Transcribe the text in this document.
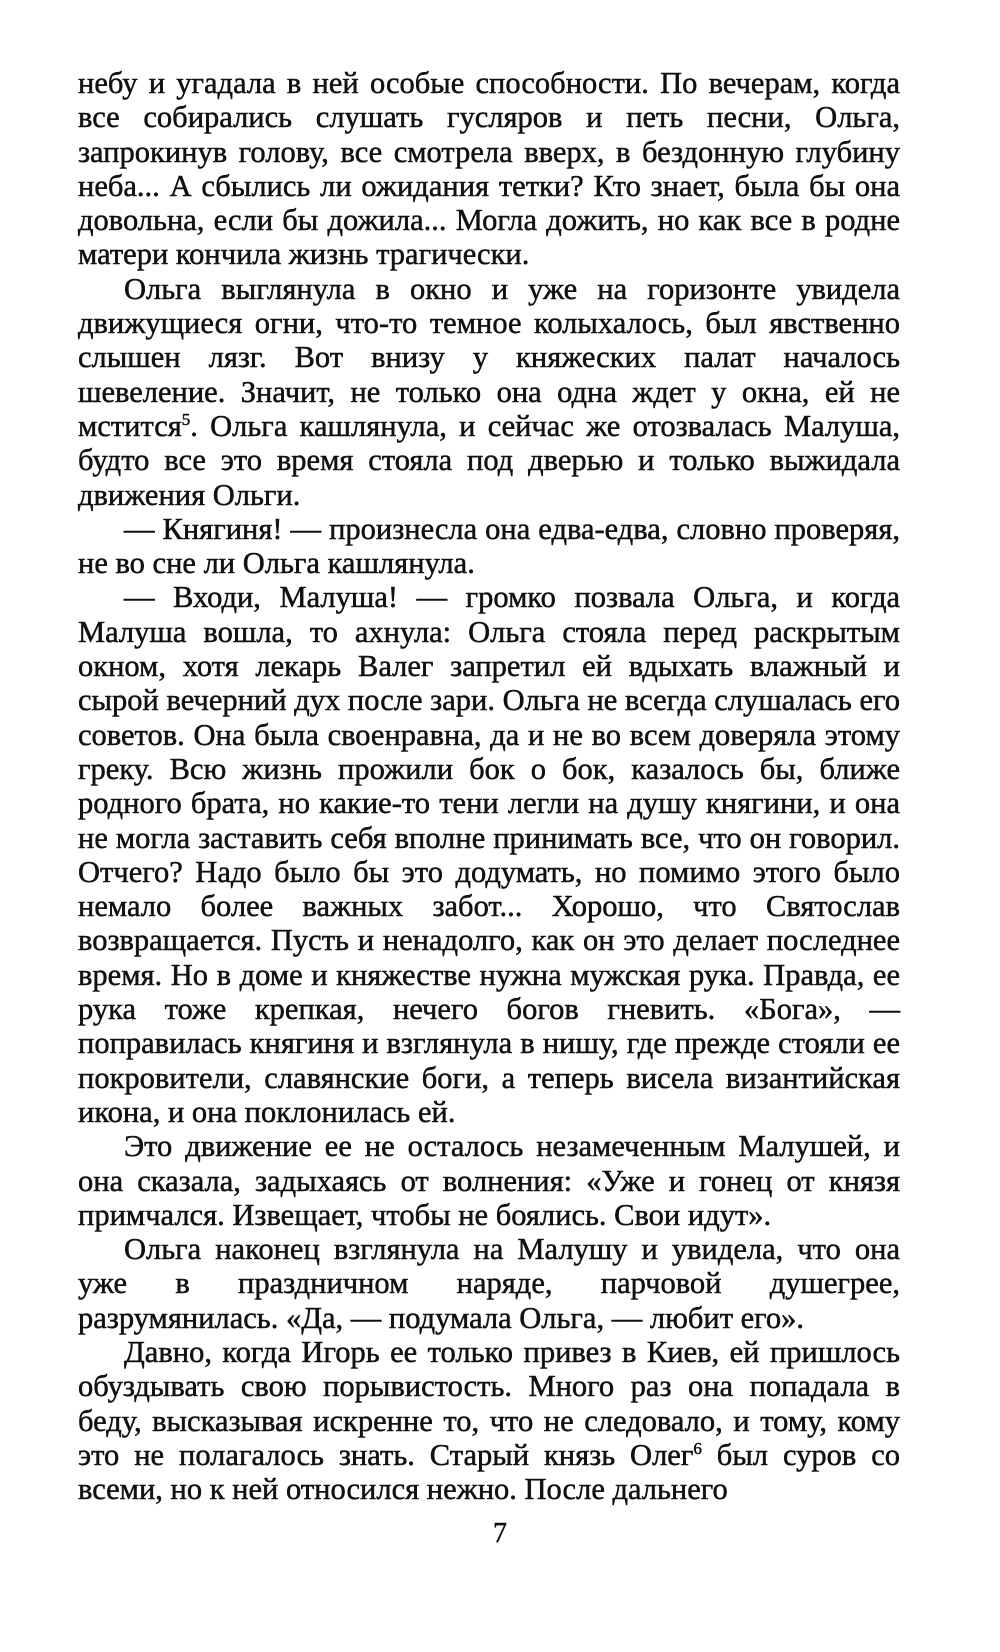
небу и угадала в ней особые способности. По вечерам, когда все собирались слушать гусляров и петь песни, Ольга, запрокинув голову, все смотрела вверх, в бездонную глубину неба... А сбылись ли ожидания тетки? Кто знает, была бы она довольна, если бы дожила... Могла дожить, но как все в родне матери кончила жизнь трагически.

Ольга выглянула в окно и уже на горизонте увидела движущиеся огни, что-то темное колыхалось, был явственно слышен лязг. Вот внизу у княжеских палат началось шевеление. Значит, не только она одна ждет у окна, ей не мстится$^5$. Ольга кашлянула, и сейчас же отозвалась Малуша, будто все это время стояла под дверью и только выжидала движения Ольги.

— Княгиня! — произнесла она едва-едва, словно проверяя, не во сне ли Ольга кашлянула.

— Входи, Малуша! — громко позвала Ольга, и когда Малуша вошла, то ахнула: Ольга стояла перед раскрытым окном, хотя лекарь Валег запретил ей вдыхать влажный и сырой вечерний дух после зари. Ольга не всегда слушалась его советов. Она была своенравна, да и не во всем доверяла этому греку. Всю жизнь прожили бок о бок, казалось бы, ближе родного брата, но какие-то тени легли на душу княгини, и она не могла заставить себя вполне принимать все, что он говорил. Отчего? Надо было бы это додумать, но помимо этого было немало более важных забот... Хорошо, что Святослав возвращается. Пусть и ненадолго, как он это делает последнее время. Но в доме и княжестве нужна мужская рука. Правда, ее рука тоже крепкая, нечего богов гневить. «Бога», — поправилась княгиня и взглянула в нишу, где прежде стояли ее покровители, славянские боги, а теперь висела византийская икона, и она поклонилась ей.

Это движение ее не осталось незамеченным Малушей, и она сказала, задыхаясь от волнения: «Уже и гонец от князя примчался. Извещает, чтобы не боялись. Свои идут».

Ольга наконец взглянула на Малушу и увидела, что она уже в праздничном наряде, парчовой душегрее, разрумянилась. «Да, — подумала Ольга, — любит его».

Давно, когда Игорь ее только привез в Киев, ей пришлось обуздывать свою порывистость. Много раз она попадала в беду, высказывая искренне то, что не следовало, и тому, кому это не полагалось знать. Старый князь Олег$^6$ был суров со всеми, но к ней относился нежно. После дальнего

7
